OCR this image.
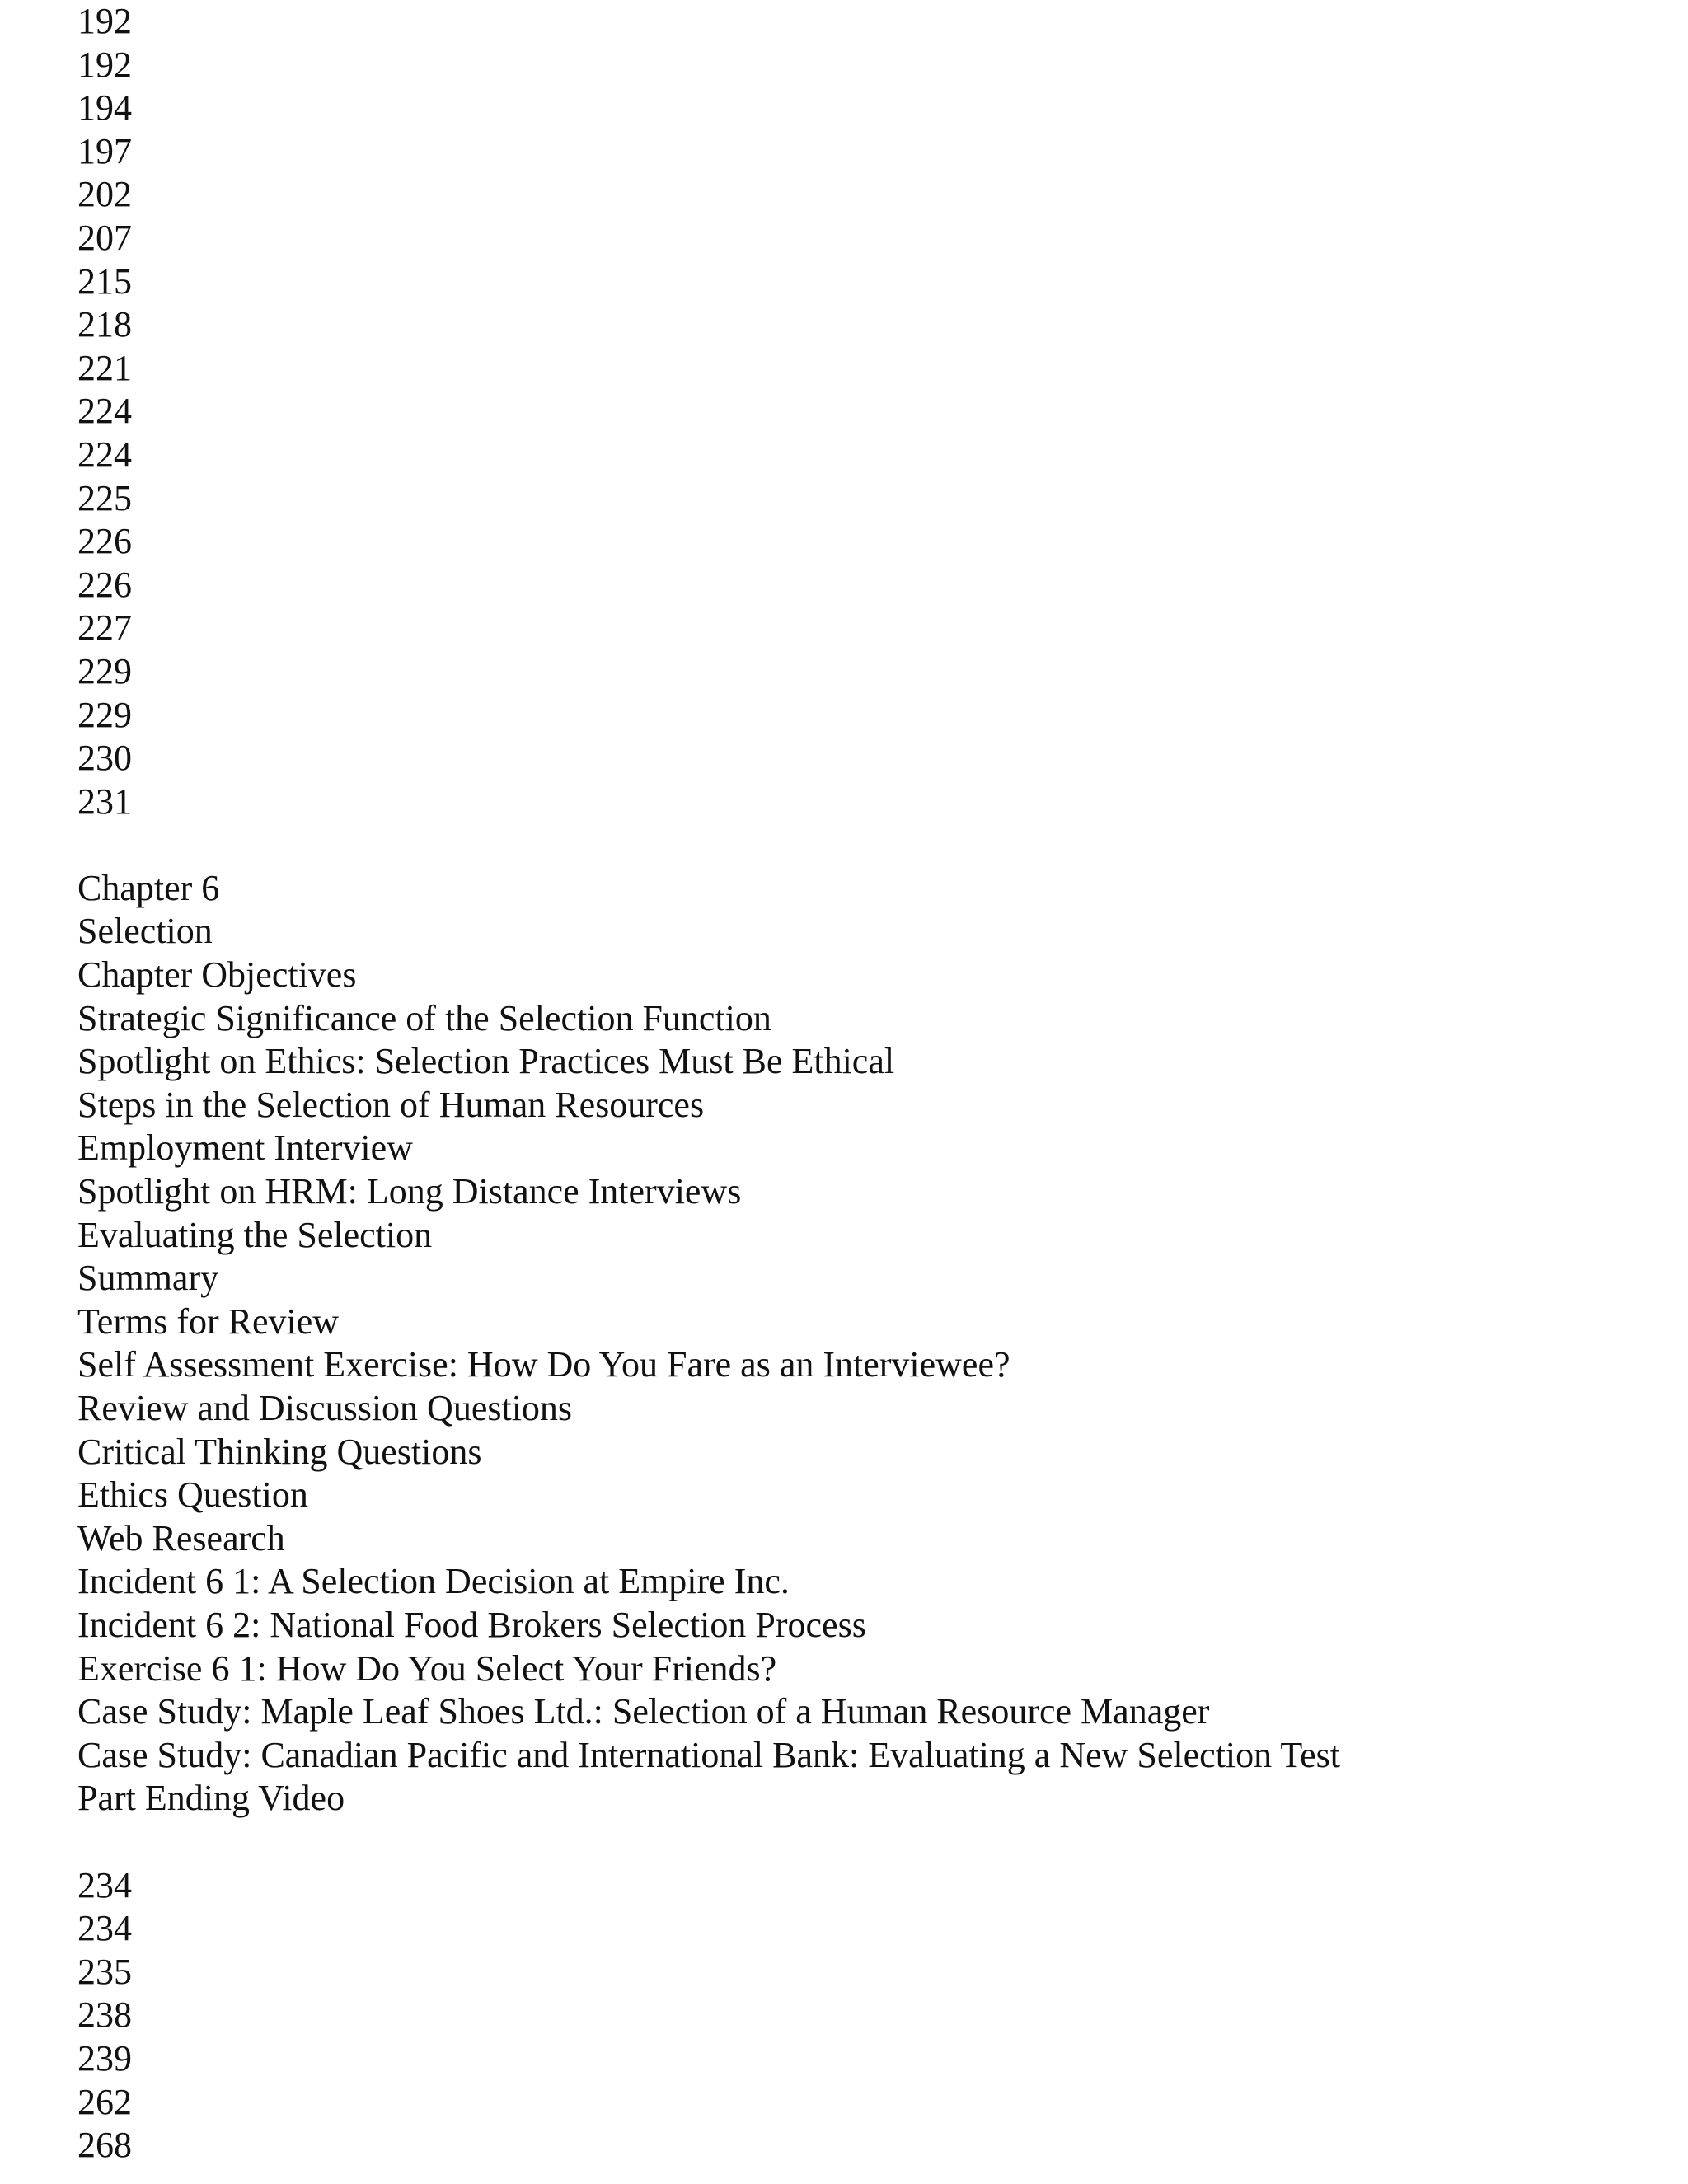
192
192
194
197
202
207
215
218
221
224
224
225
226
226
227
229
229
230
231
Chapter 6
Selection
Chapter Objectives
Strategic Significance of the Selection Function
Spotlight on Ethics: Selection Practices Must Be Ethical
Steps in the Selection of Human Resources
Employment Interview
Spotlight on HRM: Long Distance Interviews
Evaluating the Selection
Summary
Terms for Review
Self Assessment Exercise: How Do You Fare as an Interviewee?
Review and Discussion Questions
Critical Thinking Questions
Ethics Question
Web Research
Incident 6 1: A Selection Decision at Empire Inc.
Incident 6 2: National Food Brokers Selection Process
Exercise 6 1: How Do You Select Your Friends?
Case Study: Maple Leaf Shoes Ltd.: Selection of a Human Resource Manager
Case Study: Canadian Pacific and International Bank: Evaluating a New Selection Test
Part Ending Video
234
234
235
238
239
262
268
